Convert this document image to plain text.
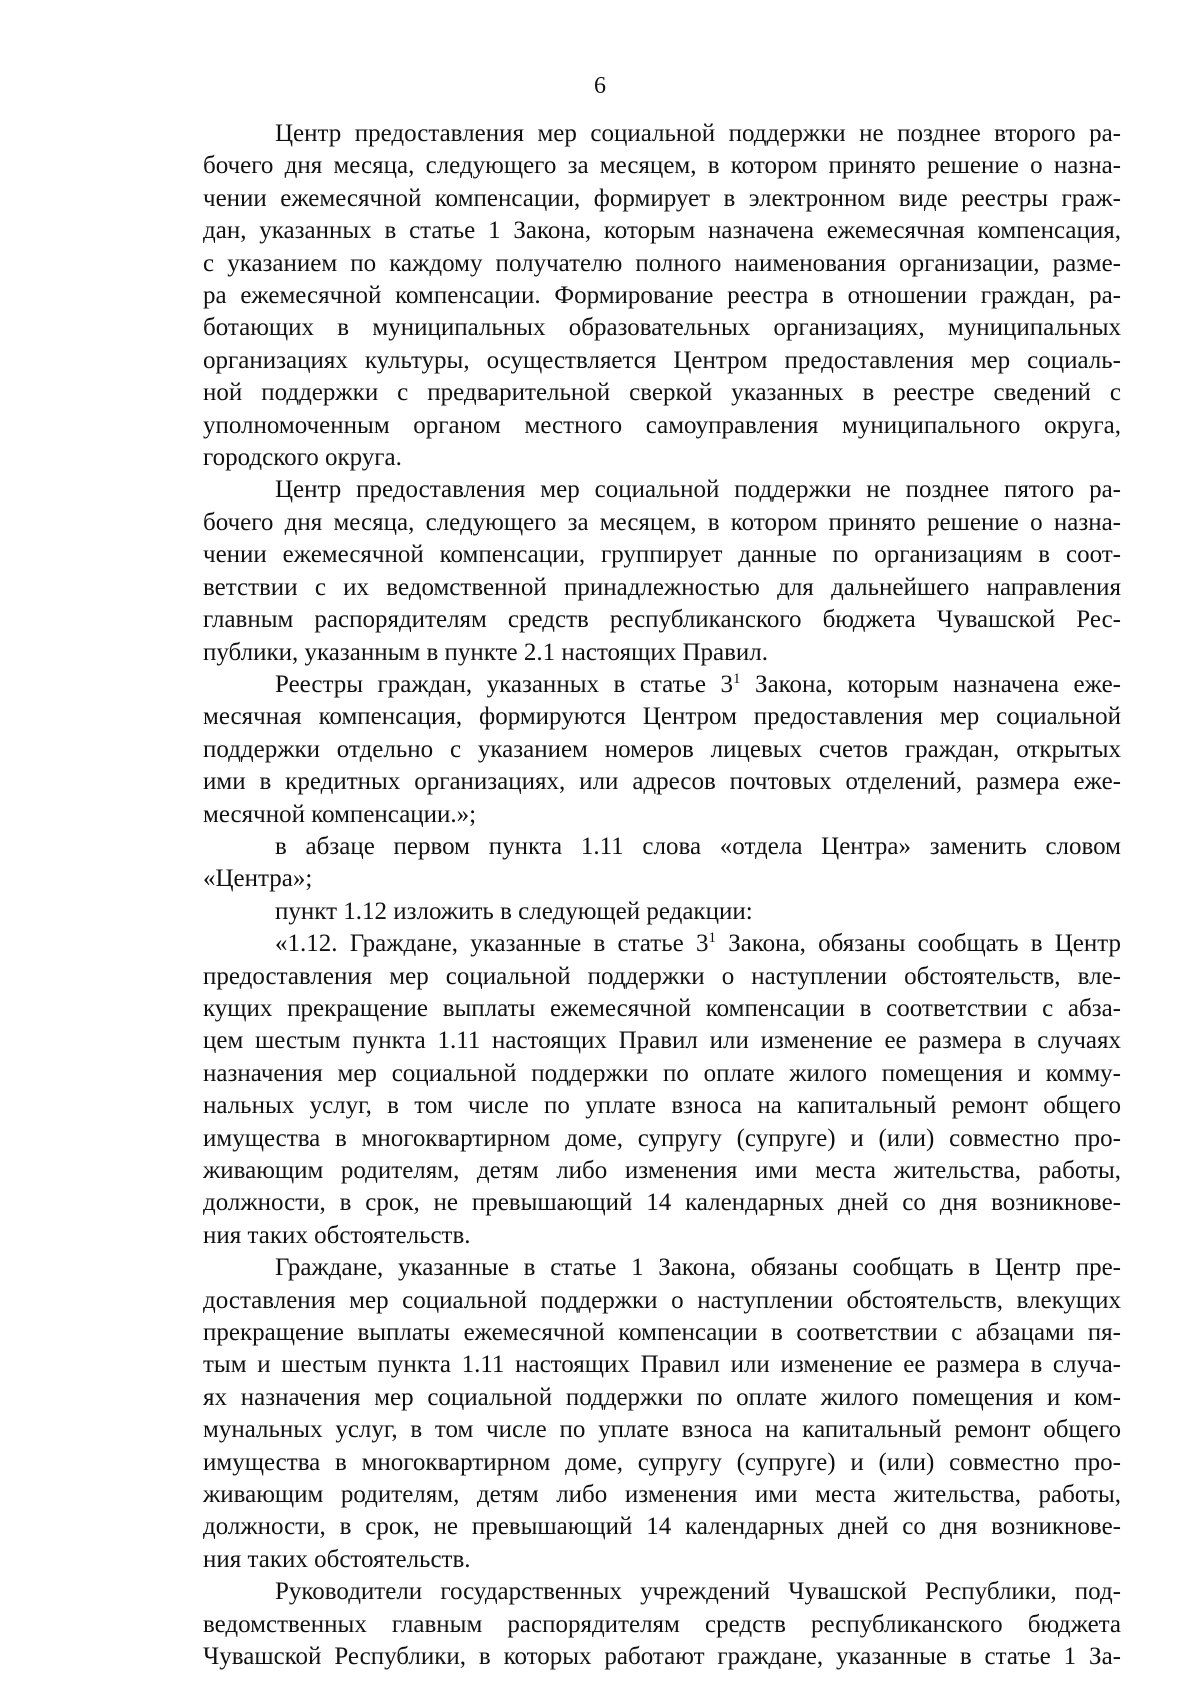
6
Центр предоставления мер социальной поддержки не позднее второго ра-
бочего дня месяца, следующего за месяцем, в котором принято решение о назна-
чении ежемесячной компенсации, формирует в электронном виде реестры граж-
дан, указанных в статье 1 Закона, которым назначена ежемесячная компенсация,
с указанием по каждому получателю полного наименования организации, разме-
ра ежемесячной компенсации. Формирование реестра в отношении граждан, ра-
ботающих в муниципальных образовательных организациях, муниципальных
организациях культуры, осуществляется Центром предоставления мер социаль-
ной поддержки с предварительной сверкой указанных в реестре сведений с
уполномоченным органом местного самоуправления муниципального округа,
городского округа.
Центр предоставления мер социальной поддержки не позднее пятого ра-
бочего дня месяца, следующего за месяцем, в котором принято решение о назна-
чении ежемесячной компенсации, группирует данные по организациям в соот-
ветствии с их ведомственной принадлежностью для дальнейшего направления
главным распорядителям средств республиканского бюджета Чувашской Рес-
публики, указанным в пункте 2.1 настоящих Правил.
Реестры граждан, указанных в статье $3^1$ Закона, которым назначена еже-
месячная компенсация, формируются Центром предоставления мер социальной
поддержки отдельно с указанием номеров лицевых счетов граждан, открытых
ими в кредитных организациях, или адресов почтовых отделений, размера еже-
месячной компенсации.»;
в абзаце первом пункта 1.11 слова «отдела Центра» заменить словом
«Центра»;
пункт 1.12 изложить в следующей редакции:
«1.12. Граждане, указанные в статье $3^1$ Закона, обязаны сообщать в Центр
предоставления мер социальной поддержки о наступлении обстоятельств, вле-
кущих прекращение выплаты ежемесячной компенсации в соответствии с абза-
цем шестым пункта 1.11 настоящих Правил или изменение ее размера в случаях
назначения мер социальной поддержки по оплате жилого помещения и комму-
нальных услуг, в том числе по уплате взноса на капитальный ремонт общего
имущества в многоквартирном доме, супругу (супруге) и (или) совместно про-
живающим родителям, детям либо изменения ими места жительства, работы,
должности, в срок, не превышающий 14 календарных дней со дня возникнове-
ния таких обстоятельств.
Граждане, указанные в статье 1 Закона, обязаны сообщать в Центр пре-
доставления мер социальной поддержки о наступлении обстоятельств, влекущих
прекращение выплаты ежемесячной компенсации в соответствии с абзацами пя-
тым и шестым пункта 1.11 настоящих Правил или изменение ее размера в случа-
ях назначения мер социальной поддержки по оплате жилого помещения и ком-
мунальных услуг, в том числе по уплате взноса на капитальный ремонт общего
имущества в многоквартирном доме, супругу (супруге) и (или) совместно про-
живающим родителям, детям либо изменения ими места жительства, работы,
должности, в срок, не превышающий 14 календарных дней со дня возникнове-
ния таких обстоятельств.
Руководители государственных учреждений Чувашской Республики, под-
ведомственных главным распорядителям средств республиканского бюджета
Чувашской Республики, в которых работают граждане, указанные в статье 1 За-
